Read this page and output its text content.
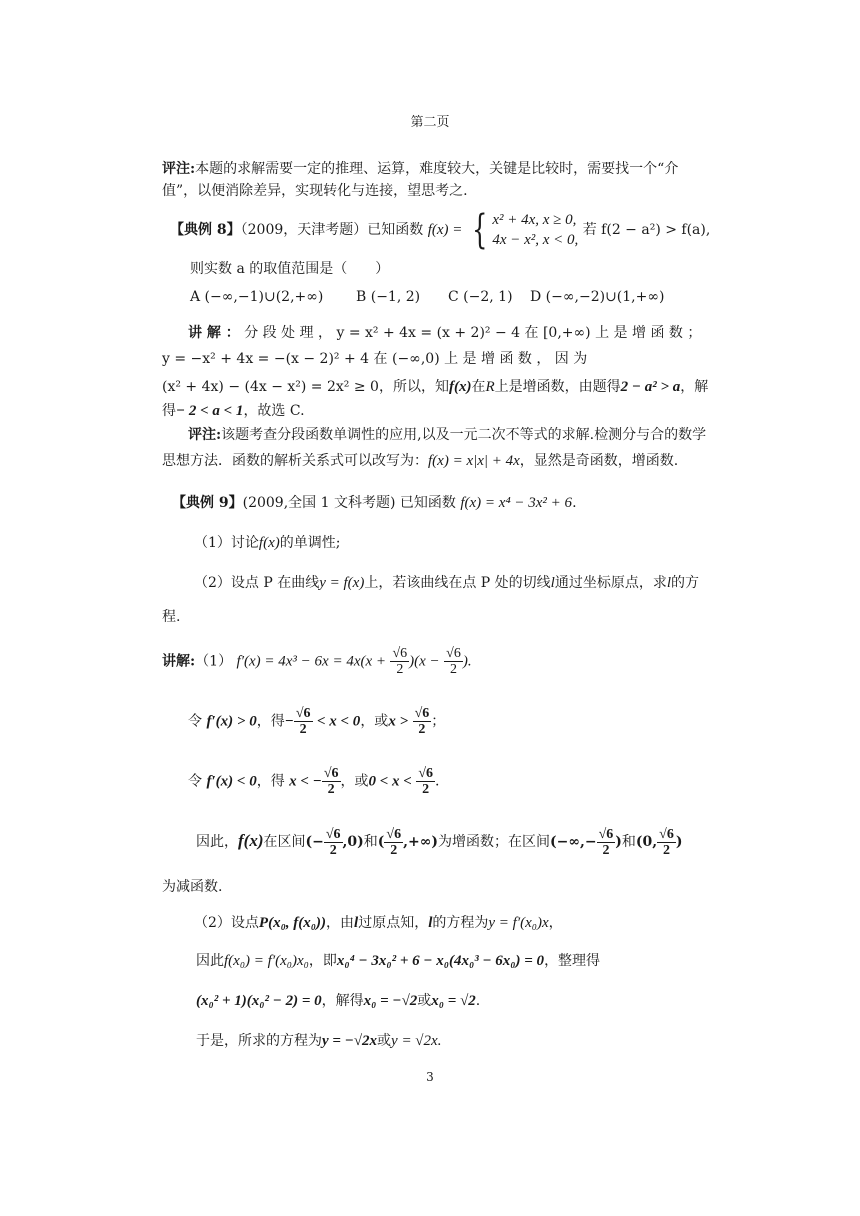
第二页
评注:本题的求解需要一定的推理、运算，难度较大，关键是比较时，需要找一个“介
值”，以便消除差异，实现转化与连接，望思考之.
【典例 8】（2009，天津考题）已知函数 f(x) = { x² + 4x, x ≥ 0,
4x − x², x < 0,
若 f(2 − a²) > f(a),
则实数 a 的取值范围是（　　）
A (−∞,−1)∪(2,+∞) B (−1, 2) C (−2, 1) D (−∞,−2)∪(1,+∞)
讲 解 ： 分 段 处 理 ， y = x² + 4x = (x + 2)² − 4 在 [0,+∞) 上 是 增 函 数 ；
y = −x² + 4x = −(x − 2)² + 4 在 (−∞,0) 上 是 增 函 数 ， 因 为
(x² + 4x) − (4x − x²) = 2x² ≥ 0，所以，知f(x)在R上是增函数，由题得2 − a² > a，解
得− 2 < a < 1，故选 C.
评注:该题考查分段函数单调性的应用,以及一元二次不等式的求解.检测分与合的数学
思想方法．函数的解析关系式可以改写为：f(x) = x|x| + 4x，显然是奇函数，增函数.
【典例 9】(2009,全国 1 文科考题) 已知函数 f(x) = x⁴ − 3x² + 6.
（1）讨论f(x)的单调性;
（2）设点 P 在曲线y = f(x)上，若该曲线在点 P 处的切线l通过坐标原点，求l的方
程.
讲解:（1） $f'(x) = 4x^3 - 6x = 4x(x + \frac{√6}{2} )(x - \frac{√6}{2}$ ).
令 f′(x) > 0，得− $\frac{√6}{2} < x < 0$，或$x > \frac{√6}{2}$ ；
令 f′(x) < 0，得 x < − $\frac{√6}{2}$ ，或$0 < x < \frac{√6}{2}$ .
因此，f(x)在区间(− $\frac{√6}{2} ,0$)和( $\frac{√6}{2}$ ,+∞)为增函数；在区间(−∞,− $\frac{√6}{2}$ )和(0, $\frac{√6}{2}$ )
为减函数.
（2）设点P(x₀, f(x₀))，由l过原点知，l的方程为y = f′(x₀)x，
因此f(x₀) = f′(x₀)x₀，即x₀⁴ − 3x₀² + 6 − x₀(4x₀³ − 6x₀) = 0，整理得
(x₀² + 1)(x₀² − 2) = 0，解得x₀ = −√2或x₀ = √2.
于是，所求的方程为y = −√2x或y = √2x.
3
